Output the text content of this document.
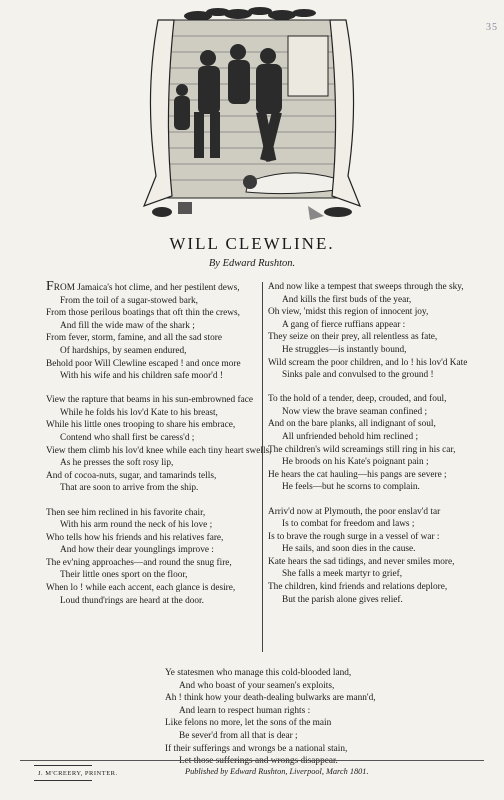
35
WILL CLEWLINE.
By Edward Rushton.
FROM Jamaica's hot clime, and her pestilent dews,
From the toil of a sugar-stowed bark,
From those perilous boatings that oft thin the crews,
And fill the wide maw of the shark ;
From fever, storm, famine, and all the sad store
Of hardships, by seamen endured,
Behold poor Will Clewline escaped ! and once more
With his wife and his children safe moor'd !
View the rapture that beams in his sun-embrowned face
While he folds his lov'd Kate to his breast,
While his little ones trooping to share his embrace,
Contend who shall first be caress'd ;
View them climb his lov'd knee while each tiny heart swells,
As he presses the soft rosy lip,
And of cocoa-nuts, sugar, and tamarinds tells,
That are soon to arrive from the ship.
Then see him reclined in his favorite chair,
With his arm round the neck of his love ;
Who tells how his friends and his relatives fare,
And how their dear younglings improve :
The ev'ning approaches—and round the snug fire,
Their little ones sport on the floor,
When lo ! while each accent, each glance is desire,
Loud thund'rings are heard at the door.
And now like a tempest that sweeps through the sky,
And kills the first buds of the year,
Oh view, 'midst this region of innocent joy,
A gang of fierce ruffians appear :
They seize on their prey, all relentless as fate,
He struggles—is instantly bound,
Wild scream the poor children, and lo ! his lov'd Kate
Sinks pale and convulsed to the ground !
To the hold of a tender, deep, crouded, and foul,
Now view the brave seaman confined ;
And on the bare planks, all indignant of soul,
All unfriended behold him reclined ;
The children's wild screamings still ring in his car,
He broods on his Kate's poignant pain ;
He hears the cat hauling—his pangs are severe ;
He feels—but he scorns to complain.
Arriv'd now at Plymouth, the poor enslav'd tar
Is to combat for freedom and laws ;
Is to brave the rough surge in a vessel of war :
He sails, and soon dies in the cause.
Kate hears the sad tidings, and never smiles more,
She falls a meek martyr to grief,
The children, kind friends and relations deplore,
But the parish alone gives relief.
Ye statesmen who manage this cold-blooded land,
And who boast of your seamen's exploits,
Ah ! think how your death-dealing bulwarks are mann'd,
And learn to respect human rights :
Like felons no more, let the sons of the main
Be sever'd from all that is dear ;
If their sufferings and wrongs be a national stain,
Let those sufferings and wrongs disappear.
J. M'CREERY, PRINTER.	Published by Edward Rushton, Liverpool, March 1801.
